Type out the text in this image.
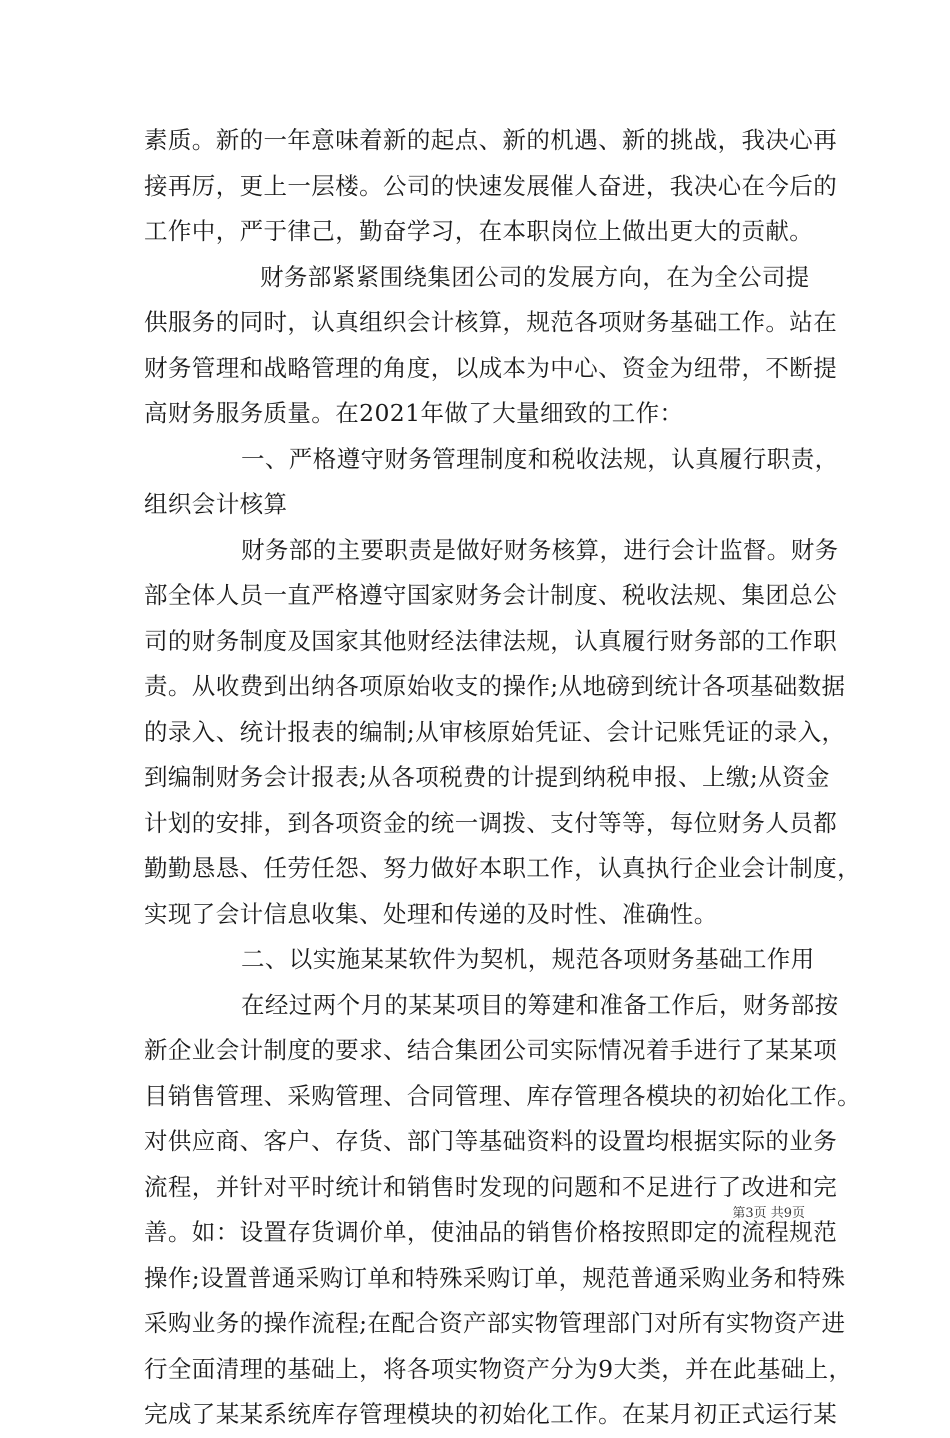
素质。新的一年意味着新的起点、新的机遇、新的挑战，我决心再
接再厉，更上一层楼。公司的快速发展催人奋进，我决心在今后的
工作中，严于律己，勤奋学习，在本职岗位上做出更大的贡献。
财务部紧紧围绕集团公司的发展方向，在为全公司提
供服务的同时，认真组织会计核算，规范各项财务基础工作。站在
财务管理和战略管理的角度，以成本为中心、资金为纽带，不断提
高财务服务质量。在2021年做了大量细致的工作：
一、严格遵守财务管理制度和税收法规，认真履行职责，
组织会计核算
财务部的主要职责是做好财务核算，进行会计监督。财务
部全体人员一直严格遵守国家财务会计制度、税收法规、集团总公
司的财务制度及国家其他财经法律法规，认真履行财务部的工作职
责。从收费到出纳各项原始收支的操作;从地磅到统计各项基础数据
的录入、统计报表的编制;从审核原始凭证、会计记账凭证的录入，
到编制财务会计报表;从各项税费的计提到纳税申报、上缴;从资金
计划的安排，到各项资金的统一调拨、支付等等，每位财务人员都
勤勤恳恳、任劳任怨、努力做好本职工作，认真执行企业会计制度，
实现了会计信息收集、处理和传递的及时性、准确性。
二、以实施某某软件为契机，规范各项财务基础工作用
在经过两个月的某某项目的筹建和准备工作后，财务部按
新企业会计制度的要求、结合集团公司实际情况着手进行了某某项
目销售管理、采购管理、合同管理、库存管理各模块的初始化工作。
对供应商、客户、存货、部门等基础资料的设置均根据实际的业务
流程，并针对平时统计和销售时发现的问题和不足进行了改进和完
善。如：设置存货调价单，使油品的销售价格按照即定的流程规范
操作;设置普通采购订单和特殊采购订单，规范普通采购业务和特殊
采购业务的操作流程;在配合资产部实物管理部门对所有实物资产进
行全面清理的基础上，将各项实物资产分为9大类，并在此基础上，
完成了某某系统库存管理模块的初始化工作。在某月初正式运行某
第3页 共9页
